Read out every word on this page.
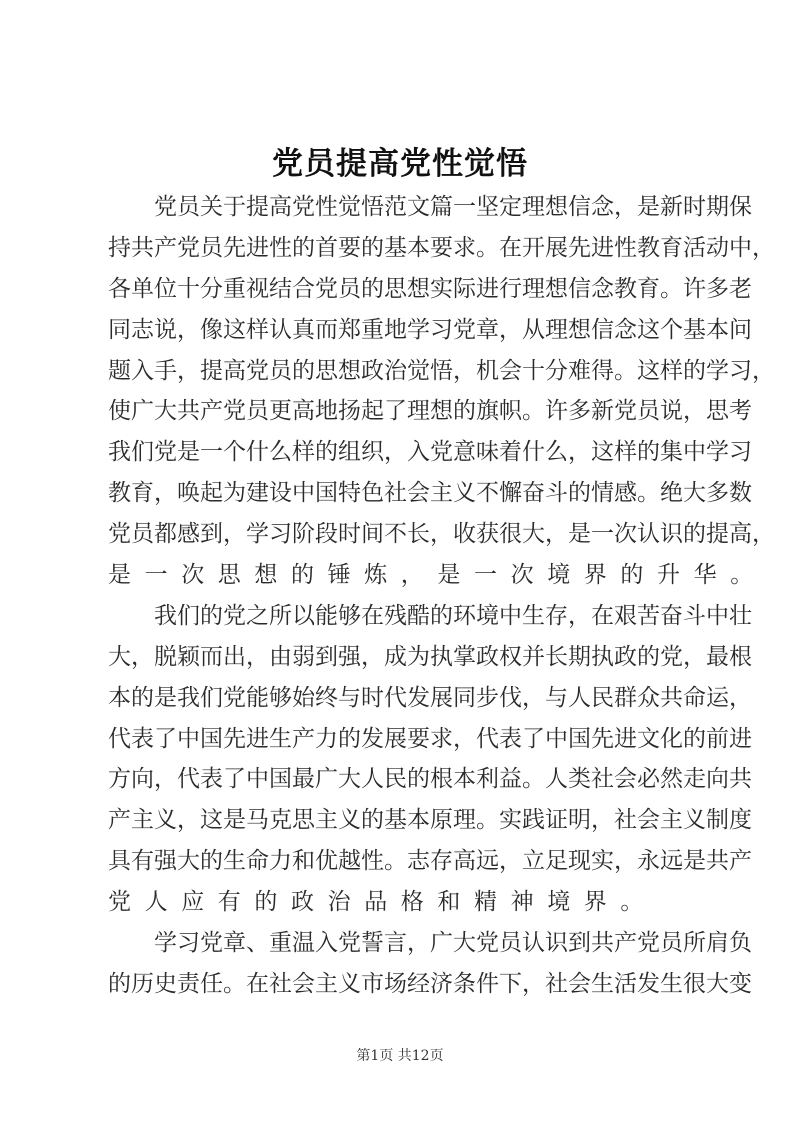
党员提高党性觉悟
党员关于提高党性觉悟范文篇一坚定理想信念，是新时期保
持共产党员先进性的首要的基本要求。在开展先进性教育活动中，
各单位十分重视结合党员的思想实际进行理想信念教育。许多老
同志说，像这样认真而郑重地学习党章，从理想信念这个基本问
题入手，提高党员的思想政治觉悟，机会十分难得。这样的学习，
使广大共产党员更高地扬起了理想的旗帜。许多新党员说，思考
我们党是一个什么样的组织，入党意味着什么，这样的集中学习
教育，唤起为建设中国特色社会主义不懈奋斗的情感。绝大多数
党员都感到，学习阶段时间不长，收获很大，是一次认识的提高，
是一次思想的锤炼，是一次境界的升华。
我们的党之所以能够在残酷的环境中生存，在艰苦奋斗中壮
大，脱颖而出，由弱到强，成为执掌政权并长期执政的党，最根
本的是我们党能够始终与时代发展同步伐，与人民群众共命运，
代表了中国先进生产力的发展要求，代表了中国先进文化的前进
方向，代表了中国最广大人民的根本利益。人类社会必然走向共
产主义，这是马克思主义的基本原理。实践证明，社会主义制度
具有强大的生命力和优越性。志存高远，立足现实，永远是共产
党人应有的政治品格和精神境界。
学习党章、重温入党誓言，广大党员认识到共产党员所肩负
的历史责任。在社会主义市场经济条件下，社会生活发生很大变
第1页 共12页
